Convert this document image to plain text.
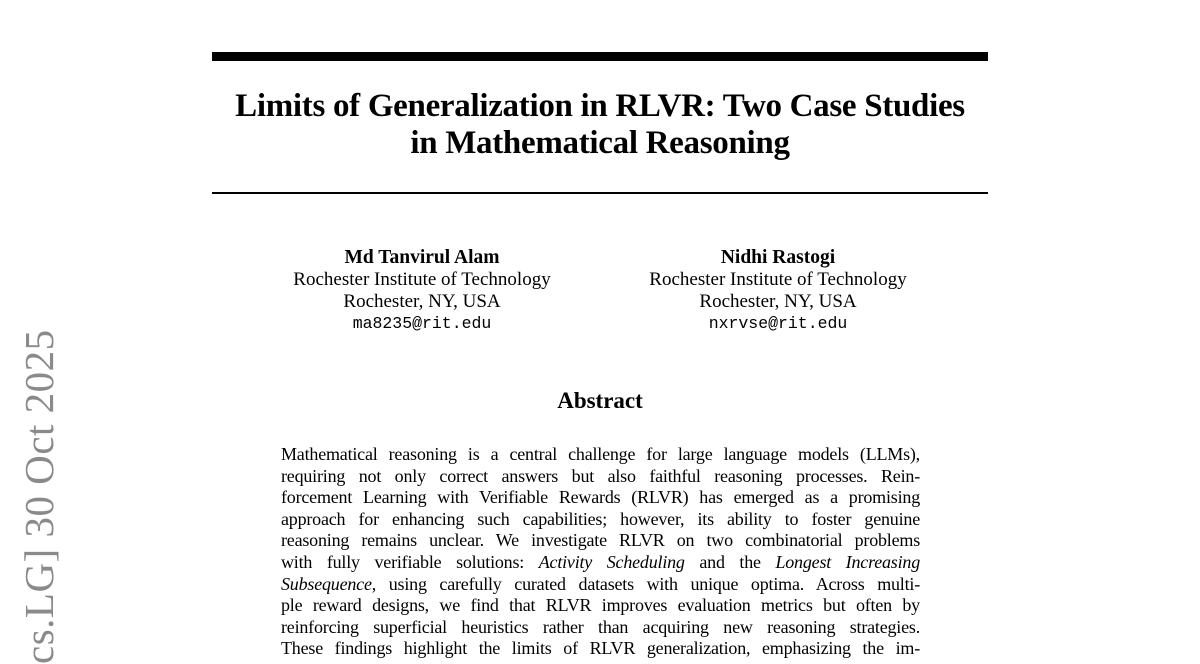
cs.LG] 30 Oct 2025
Limits of Generalization in RLVR: Two Case Studies
in Mathematical Reasoning
Md Tanvirul Alam
Rochester Institute of Technology
Rochester, NY, USA
ma8235@rit.edu
Nidhi Rastogi
Rochester Institute of Technology
Rochester, NY, USA
nxrvse@rit.edu
Abstract
Mathematical reasoning is a central challenge for large language models (LLMs),
requiring not only correct answers but also faithful reasoning processes. Rein-
forcement Learning with Verifiable Rewards (RLVR) has emerged as a promising
approach for enhancing such capabilities; however, its ability to foster genuine
reasoning remains unclear. We investigate RLVR on two combinatorial problems
with fully verifiable solutions: Activity Scheduling and the Longest Increasing
Subsequence, using carefully curated datasets with unique optima. Across multi-
ple reward designs, we find that RLVR improves evaluation metrics but often by
reinforcing superficial heuristics rather than acquiring new reasoning strategies.
These findings highlight the limits of RLVR generalization, emphasizing the im-
